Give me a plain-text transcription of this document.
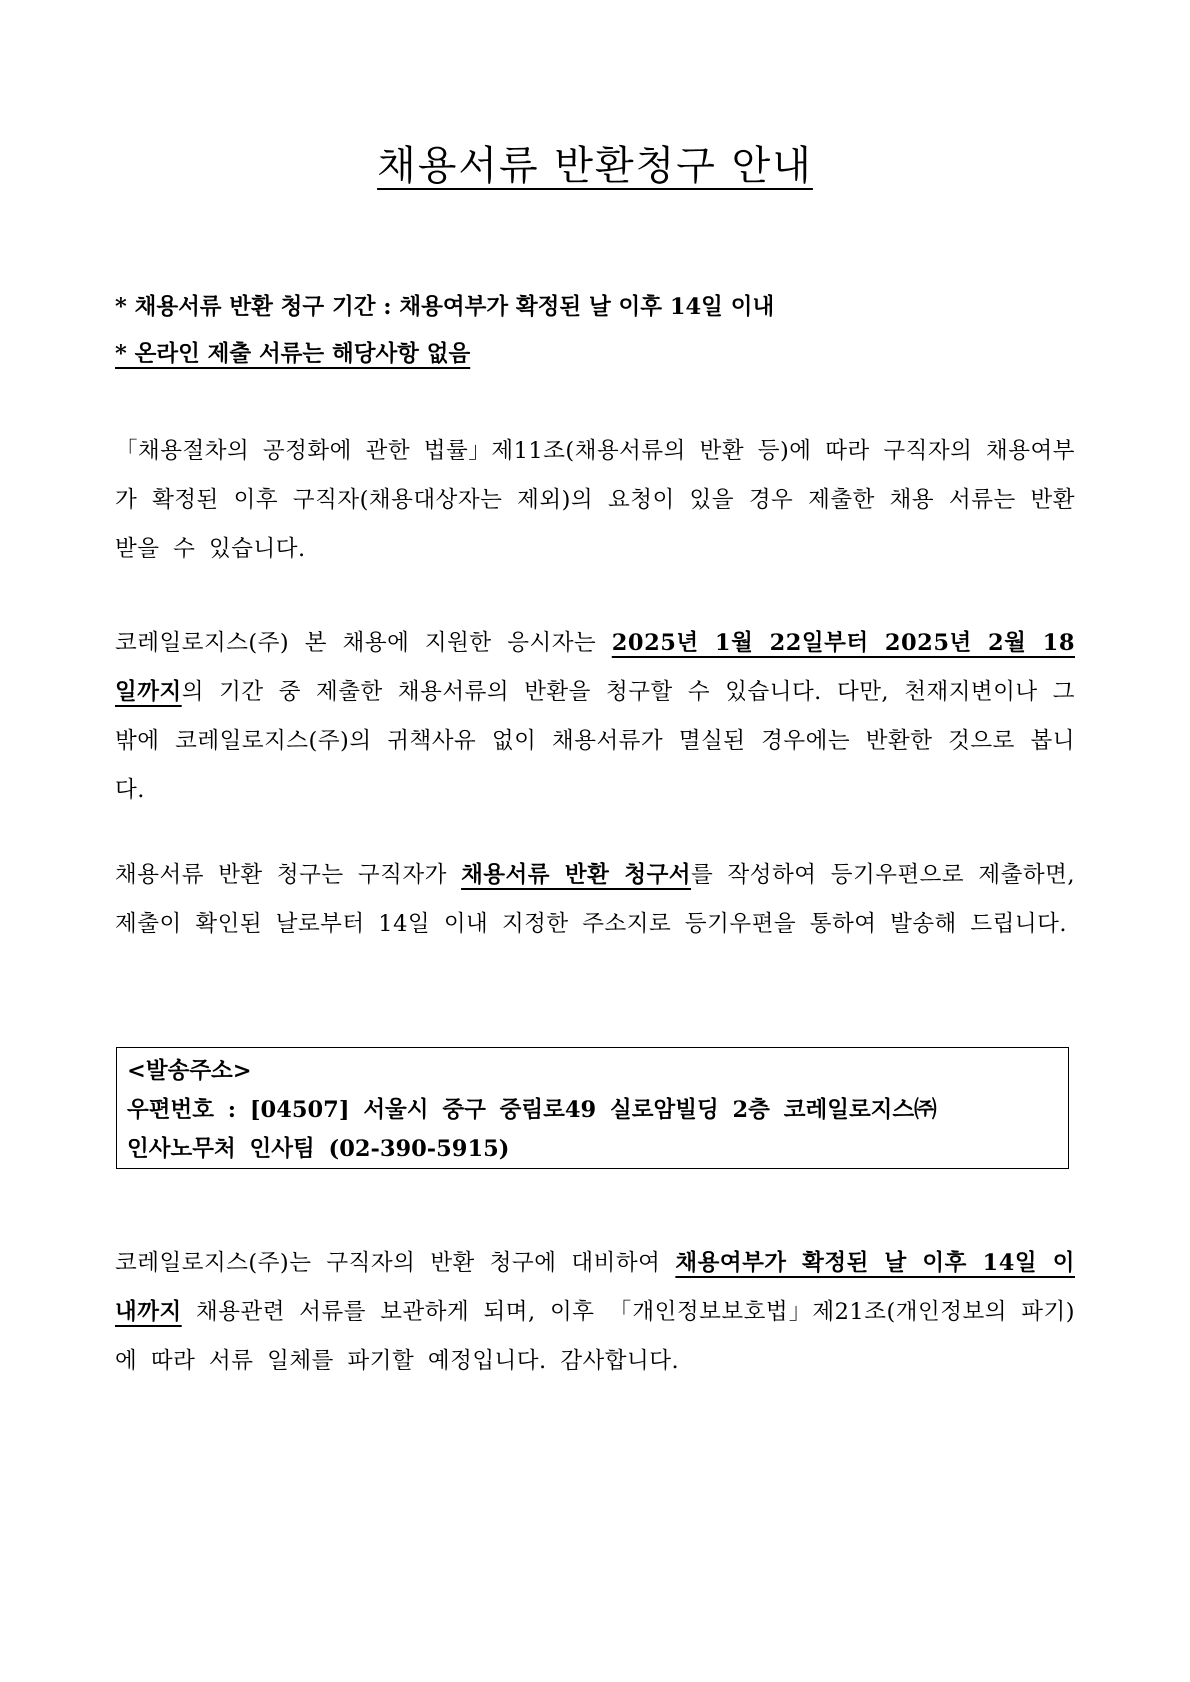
채용서류 반환청구 안내
* 채용서류 반환 청구 기간 : 채용여부가 확정된 날 이후 14일 이내
* 온라인 제출 서류는 해당사항 없음
「채용절차의 공정화에 관한 법률」제11조(채용서류의 반환 등)에 따라 구직자의 채용여부가 확정된 이후 구직자(채용대상자는 제외)의 요청이 있을 경우 제출한 채용 서류는 반환받을 수 있습니다.
코레일로지스(주) 본 채용에 지원한 응시자는 2025년 1월 22일부터 2025년 2월 18일까지의 기간 중 제출한 채용서류의 반환을 청구할 수 있습니다. 다만, 천재지변이나 그밖에 코레일로지스(주)의 귀책사유 없이 채용서류가 멸실된 경우에는 반환한 것으로 봅니다.
채용서류 반환 청구는 구직자가 채용서류 반환 청구서를 작성하여 등기우편으로 제출하면, 제출이 확인된 날로부터 14일 이내 지정한 주소지로 등기우편을 통하여 발송해 드립니다.
<발송주소>
우편번호 : [04507] 서울시 중구 중림로49 실로암빌딩 2층 코레일로지스㈜
인사노무처 인사팀 (02-390-5915)
코레일로지스(주)는 구직자의 반환 청구에 대비하여 채용여부가 확정된 날 이후 14일 이내까지 채용관련 서류를 보관하게 되며, 이후 「개인정보보호법」제21조(개인정보의 파기)에 따라 서류 일체를 파기할 예정입니다. 감사합니다.
